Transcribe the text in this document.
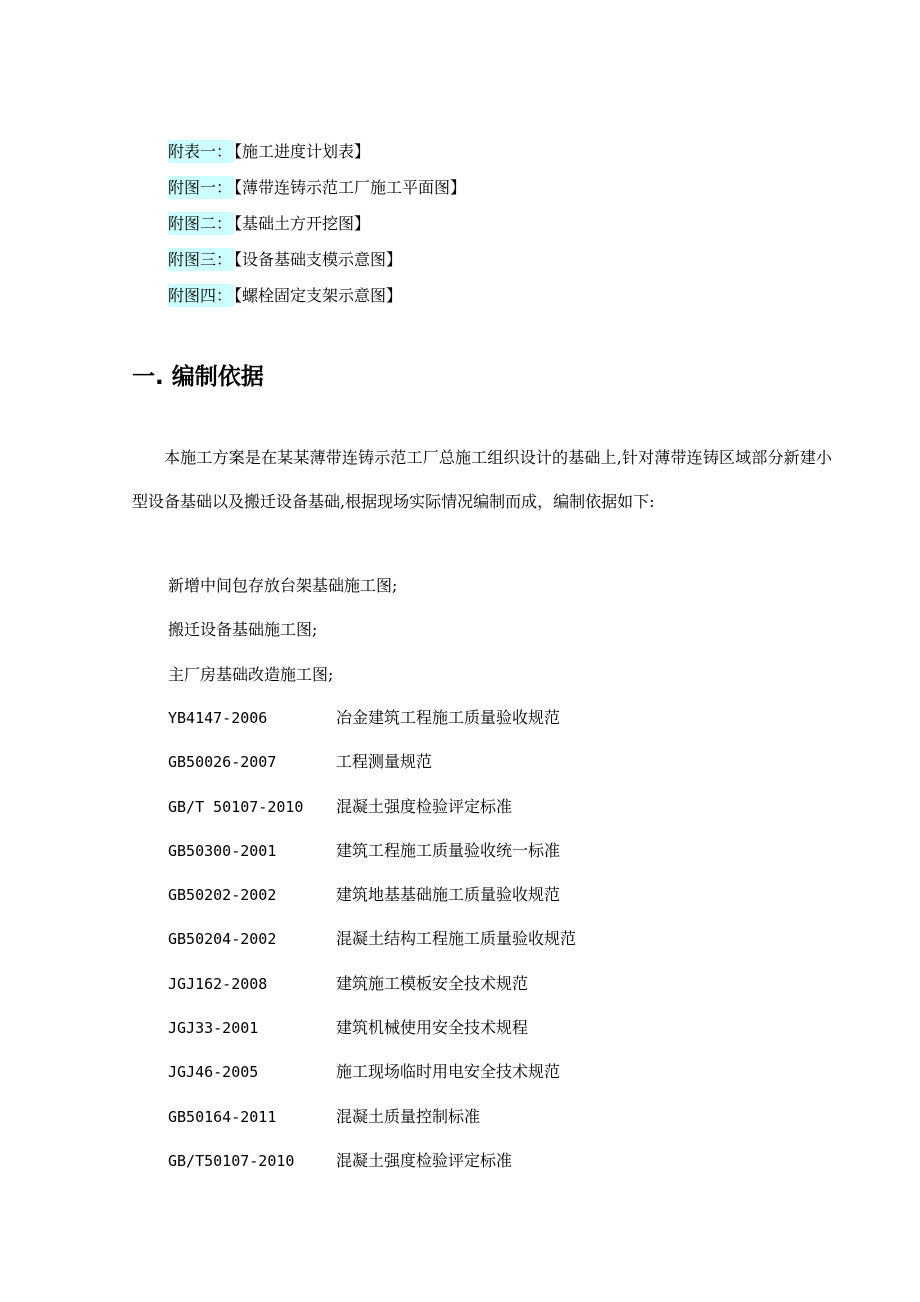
附表一： 【施工进度计划表】
附图一： 【薄带连铸示范工厂施工平面图】
附图二： 【基础土方开挖图】
附图三： 【设备基础支模示意图】
附图四： 【螺栓固定支架示意图】
一. 编制依据

本施工方案是在某某薄带连铸示范工厂总施工组织设计的基础上,针对薄带连铸区域部分新建小型设备基础以及搬迁设备基础,根据现场实际情况编制而成，编制依据如下:

新增中间包存放台架基础施工图;
搬迁设备基础施工图;
主厂房基础改造施工图;
YB4147-2006	冶金建筑工程施工质量验收规范
GB50026-2007	工程测量规范
GB/T 50107-2010 混凝土强度检验评定标准
GB50300-2001	建筑工程施工质量验收统一标准
GB50202-2002	建筑地基基础施工质量验收规范
GB50204-2002	混凝土结构工程施工质量验收规范
JGJ162-2008	建筑施工模板安全技术规范
JGJ33-2001	建筑机械使用安全技术规程
JGJ46-2005	施工现场临时用电安全技术规范
GB50164-2011	混凝土质量控制标准
GB/T50107-2010	混凝土强度检验评定标准
